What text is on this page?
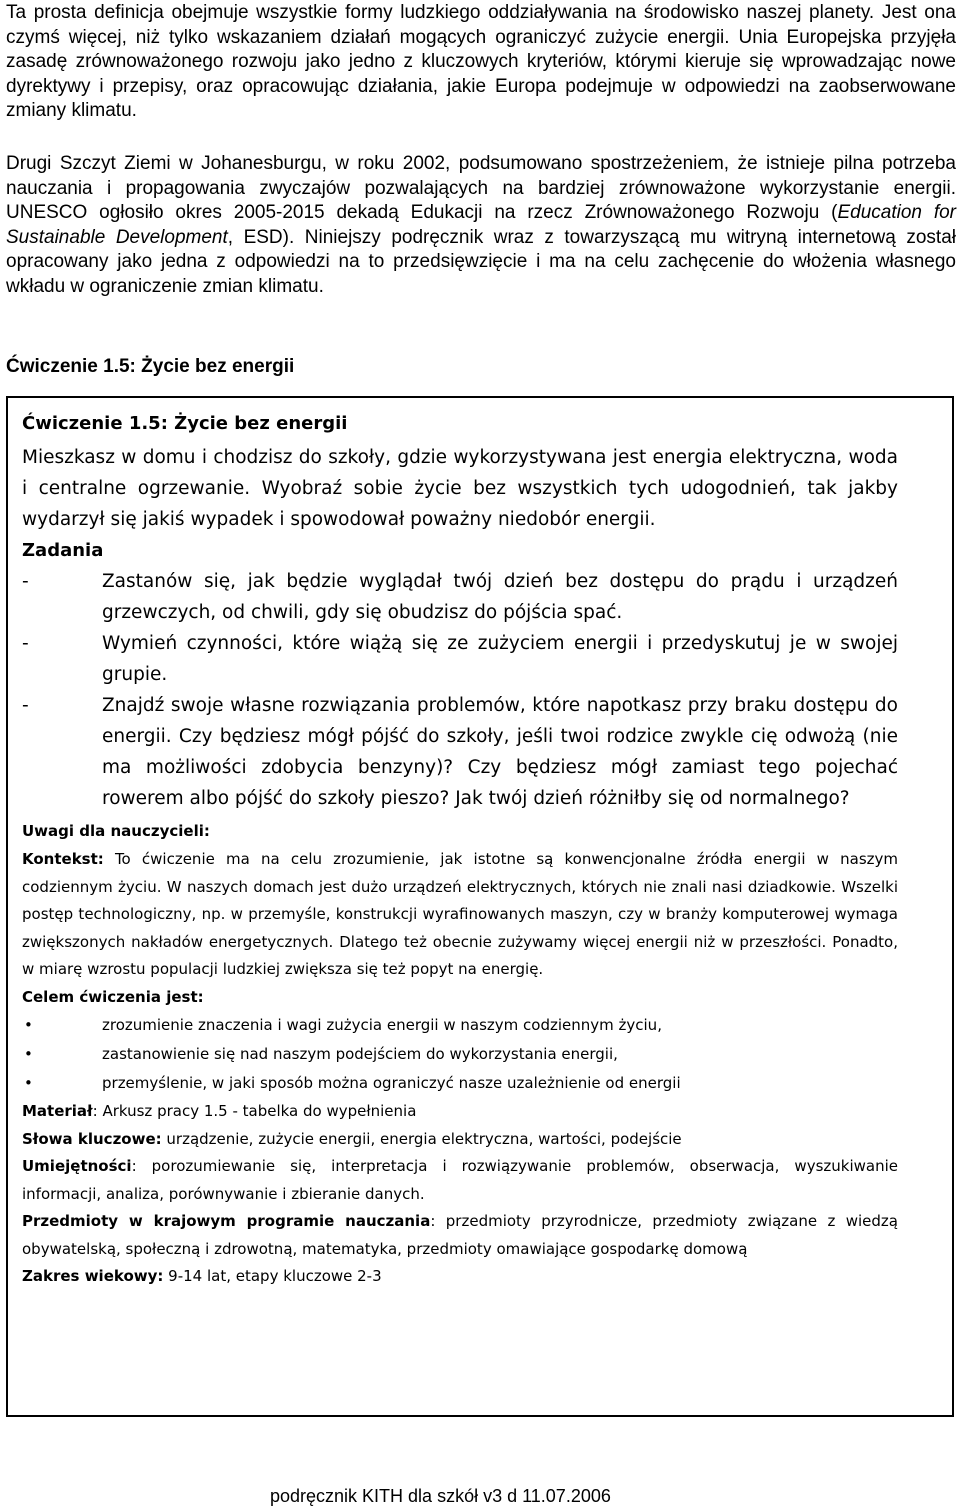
Ta prosta definicja obejmuje wszystkie formy ludzkiego oddziaływania na środowisko naszej planety. Jest ona czymś więcej, niż tylko wskazaniem działań mogących ograniczyć zużycie energii. Unia Europejska przyjęła zasadę zrównoważonego rozwoju jako jedno z kluczowych kryteriów, którymi kieruje się wprowadzając nowe dyrektywy i przepisy, oraz opracowując działania, jakie Europa podejmuje w odpowiedzi na zaobserwowane zmiany klimatu.

Drugi Szczyt Ziemi w Johanesburgu, w roku 2002, podsumowano spostrzeżeniem, że istnieje pilna potrzeba nauczania i propagowania zwyczajów pozwalających na bardziej zrównoważone wykorzystanie energii. UNESCO ogłosiło okres 2005-2015 dekadą Edukacji na rzecz Zrównoważonego Rozwoju (Education for Sustainable Development, ESD). Niniejszy podręcznik wraz z towarzyszącą mu witryną internetową został opracowany jako jedna z odpowiedzi na to przedsięwzięcie i ma na celu zachęcenie do włożenia własnego wkładu w ograniczenie zmian klimatu.

Ćwiczenie 1.5: Życie bez energii

Ćwiczenie 1.5: Życie bez energii

Mieszkasz w domu i chodzisz do szkoły, gdzie wykorzystywana jest energia elektryczna, woda i centralne ogrzewanie. Wyobraź sobie życie bez wszystkich tych udogodnień, tak jakby wydarzył się jakiś wypadek i spowodował poważny niedobór energii.

Zadania

-	Zastanów się, jak będzie wyglądał twój dzień bez dostępu do prądu i urządzeń grzewczych, od chwili, gdy się obudzisz do pójścia spać.
-	Wymień czynności, które wiążą się ze zużyciem energii i przedyskutuj je w swojej grupie.
-	Znajdź swoje własne rozwiązania problemów, które napotkasz przy braku dostępu do energii. Czy będziesz mógł pójść do szkoły, jeśli twoi rodzice zwykle cię odwożą (nie ma możliwości zdobycia benzyny)? Czy będziesz mógł zamiast tego pojechać rowerem albo pójść do szkoły pieszo? Jak twój dzień różniłby się od normalnego?

Uwagi dla nauczycieli:

Kontekst: To ćwiczenie ma na celu zrozumienie, jak istotne są konwencjonalne źródła energii w naszym codziennym życiu. W naszych domach jest dużo urządzeń elektrycznych, których nie znali nasi dziadkowie. Wszelki postęp technologiczny, np. w przemyśle, konstrukcji wyrafinowanych maszyn, czy w branży komputerowej wymaga zwiększonych nakładów energetycznych. Dlatego też obecnie zużywamy więcej energii niż w przeszłości. Ponadto, w miarę wzrostu populacji ludzkiej zwiększa się też popyt na energię.

Celem ćwiczenia jest:

•	zrozumienie znaczenia i wagi zużycia energii w naszym codziennym życiu,
•	zastanowienie się nad naszym podejściem do wykorzystania energii,
•	przemyślenie, w jaki sposób można ograniczyć nasze uzależnienie od energii

Materiał: Arkusz pracy 1.5 - tabelka do wypełnienia

Słowa kluczowe: urządzenie, zużycie energii, energia elektryczna, wartości, podejście

Umiejętności: porozumiewanie się, interpretacja i rozwiązywanie problemów, obserwacja, wyszukiwanie informacji, analiza, porównywanie i zbieranie danych.

Przedmioty w krajowym programie nauczania: przedmioty przyrodnicze, przedmioty związane z wiedzą obywatelską, społeczną i zdrowotną, matematyka, przedmioty omawiające gospodarkę domową

Zakres wiekowy: 9-14 lat, etapy kluczowe 2-3

podręcznik KITH dla szkół v3 d 11.07.2006
